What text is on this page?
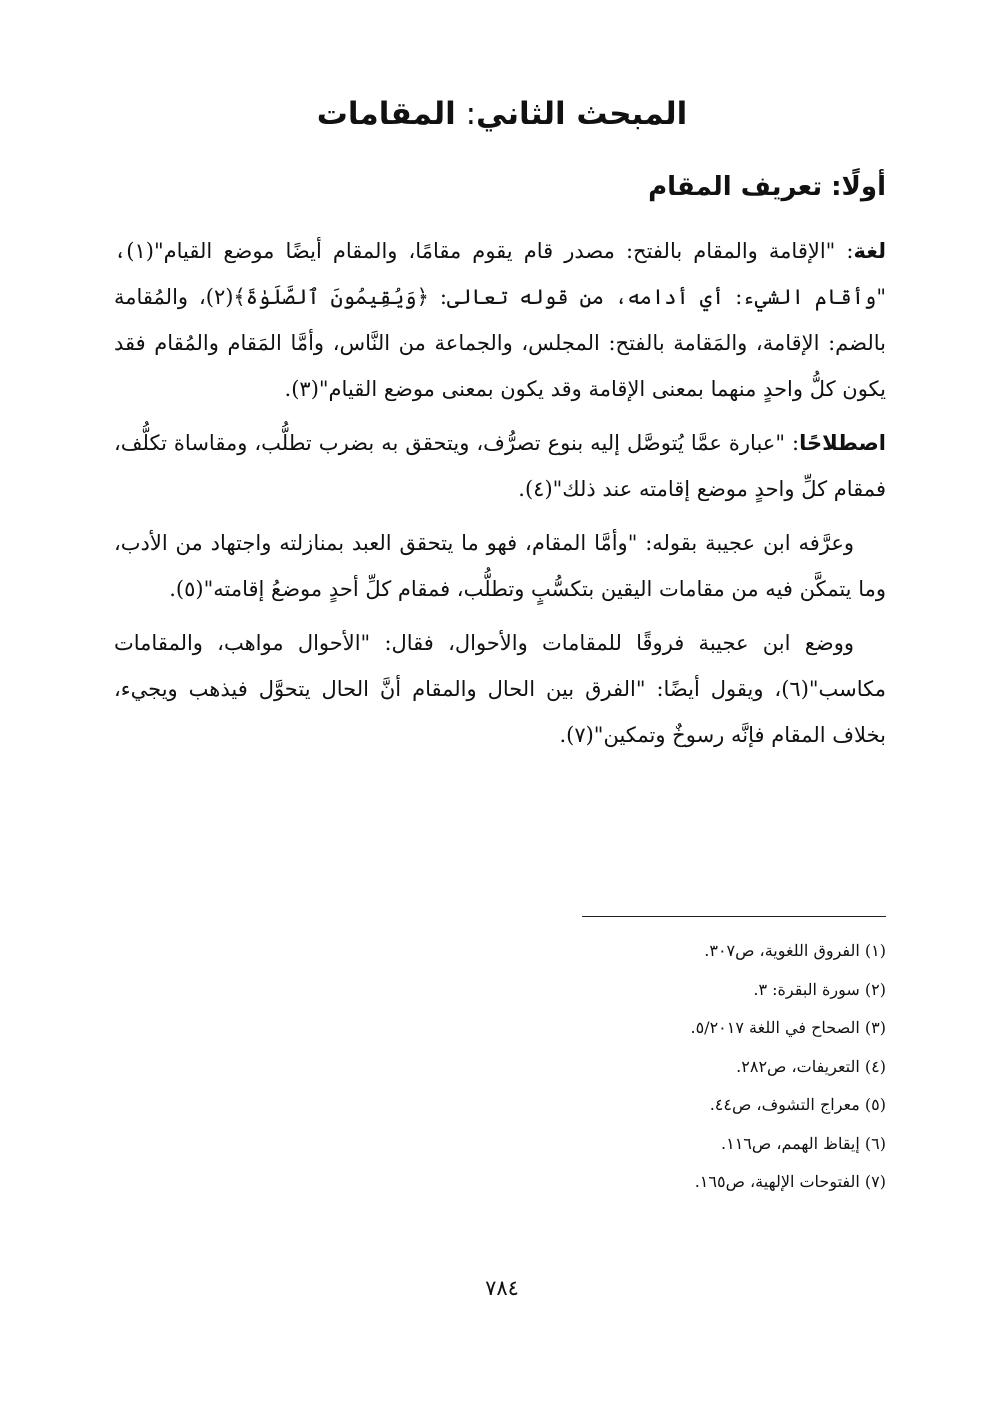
المبحث الثاني: المقامات
أولًا: تعريف المقام

لغة: "الإقامة والمقام بالفتح: مصدر قام يقوم مقامًا، والمقام أيضًا موضع القيام"(١)، "وأقام الشيء: أي أدامه، من قوله تعالى: ﴿وَيُقِيمُونَ ٱلصَّلَوٰةَ﴾(٢)، والمُقامة بالضم: الإقامة، والمَقامة بالفتح: المجلس، والجماعة من النَّاس، وأمَّا المَقام والمُقام فقد يكون كلُّ واحدٍ منهما بمعنى الإقامة وقد يكون بمعنى موضع القيام"(٣).

اصطلاحًا: "عبارة عمَّا يُتوصَّل إليه بنوع تصرُّف، ويتحقق به بضرب تطلُّب، ومقاساة تكلُّف، فمقام كلِّ واحدٍ موضع إقامته عند ذلك"(٤).

وعرَّفه ابن عجيبة بقوله: "وأمَّا المقام، فهو ما يتحقق العبد بمنازلته واجتهاد من الأدب، وما يتمكَّن فيه من مقامات اليقين بتكسُّبٍ وتطلُّب، فمقام كلِّ أحدٍ موضعُ إقامته"(٥).

ووضع ابن عجيبة فروقًا للمقامات والأحوال، فقال: "الأحوال مواهب، والمقامات مكاسب"(٦)، ويقول أيضًا: "الفرق بين الحال والمقام أنَّ الحال يتحوَّل فيذهب ويجيء، بخلاف المقام فإنَّه رسوخٌ وتمكين"(٧).

(١) الفروق اللغوية، ص٣٠٧.
(٢) سورة البقرة: ٣.
(٣) الصحاح في اللغة ٥/٢٠١٧.
(٤) التعريفات، ص٢٨٢.
(٥) معراج التشوف، ص٤٤.
(٦) إيقاظ الهمم، ص١١٦.
(٧) الفتوحات الإلهية، ص١٦٥.
٧٨٤
